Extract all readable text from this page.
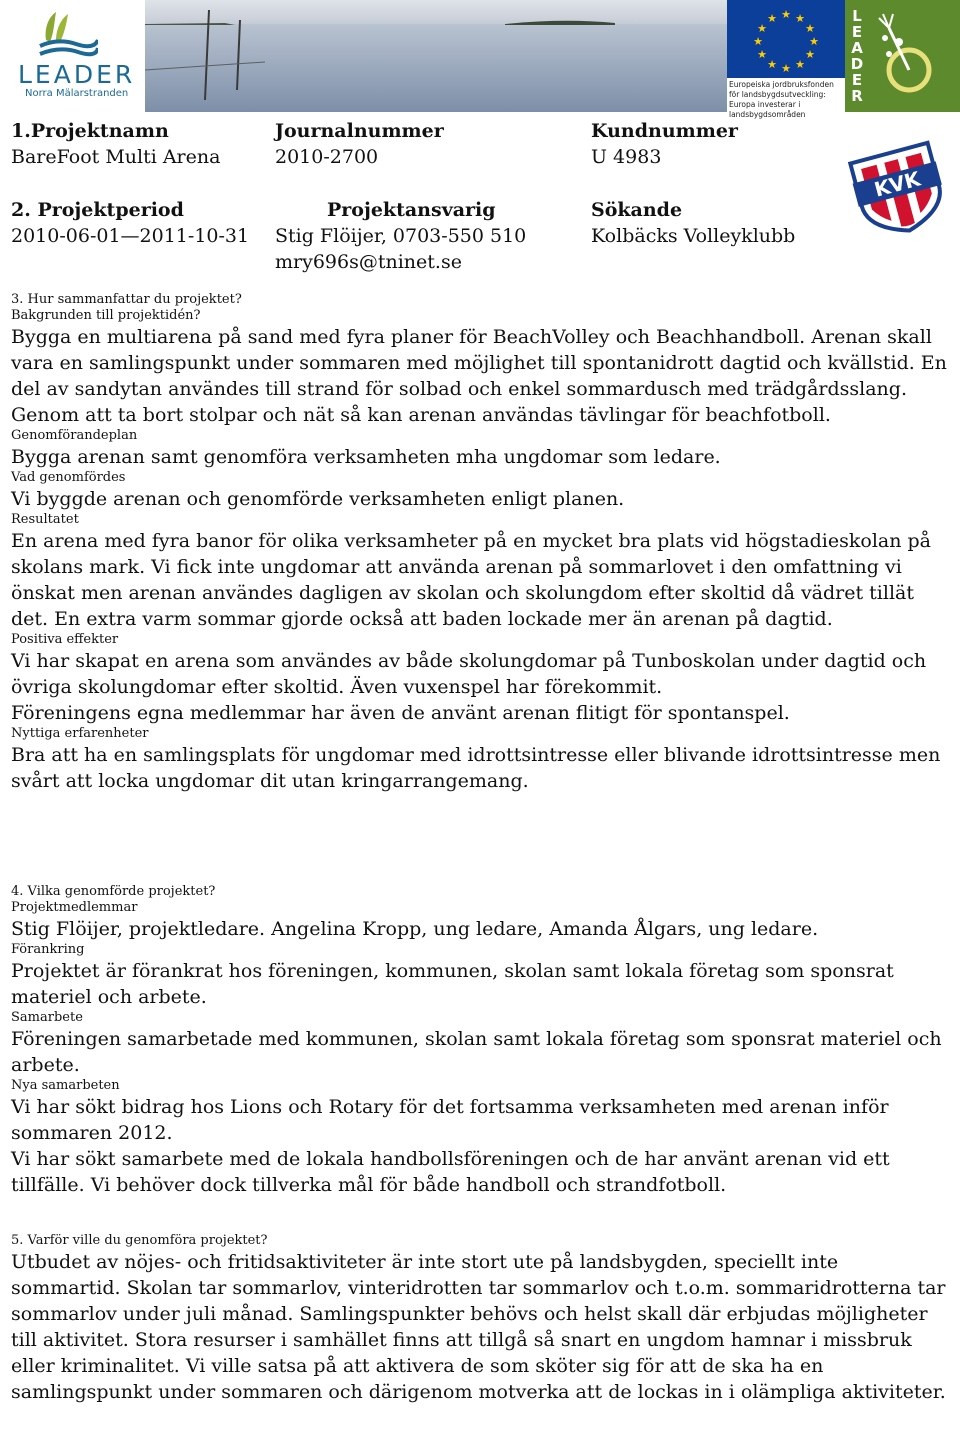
LEADER
Norra Mälarstranden
★ ★
★
★
★
★
★
★
★
★
★
★
Europeiska jordbruksfonden för landsbygdsutveckling: Europa investerar i landsbygdsområden
L
E
A
D
E
R
KVK
1.Projektnamn
BareFoot Multi Arena
Journalnummer
2010-2700
Kundnummer
U 4983
2. Projektperiod
2010-06-01—2011-10-31
Projektansvarig
Stig Flöijer, 0703-550 510
mry696s@tninet.se
Sökande
Kolbäcks Volleyklubb

3. Hur sammanfattar du projektet?

Bakgrunden till projektidén?

Bygga en multiarena på sand med fyra planer för BeachVolley och Beachhandboll. Arenan skall vara en samlingspunkt under sommaren med möjlighet till spontanidrott dagtid och kvällstid. En del av sandytan användes till strand för solbad och enkel sommardusch med trädgårdsslang. Genom att ta bort stolpar och nät så kan arenan användas tävlingar för beachfotboll.

Genomförandeplan

Bygga arenan samt genomföra verksamheten mha ungdomar som ledare.

Vad genomfördes

Vi byggde arenan och genomförde verksamheten enligt planen.

Resultatet

En arena med fyra banor för olika verksamheter på en mycket bra plats vid högstadieskolan på skolans mark. Vi fick inte ungdomar att använda arenan på sommarlovet i den omfattning vi önskat men arenan användes dagligen av skolan och skolungdom efter skoltid då vädret tillät det. En extra varm sommar gjorde också att baden lockade mer än arenan på dagtid.

Positiva effekter

Vi har skapat en arena som användes av både skolungdomar på Tunboskolan under dagtid och övriga skolungdomar efter skoltid. Även vuxenspel har förekommit.

Föreningens egna medlemmar har även de använt arenan flitigt för spontanspel.

Nyttiga erfarenheter

Bra att ha en samlingsplats för ungdomar med idrottsintresse eller blivande idrottsintresse men svårt att locka ungdomar dit utan kringarrangemang.

4. Vilka genomförde projektet?

Projektmedlemmar

Stig Flöijer, projektledare. Angelina Kropp, ung ledare, Amanda Ålgars, ung ledare.

Förankring

Projektet är förankrat hos föreningen, kommunen, skolan samt lokala företag som sponsrat materiel och arbete.

Samarbete

Föreningen samarbetade med kommunen, skolan samt lokala företag som sponsrat materiel och arbete.

Nya samarbeten

Vi har sökt bidrag hos Lions och Rotary för det fortsamma verksamheten med arenan inför sommaren 2012.

Vi har sökt samarbete med de lokala handbollsföreningen och de har använt arenan vid ett tillfälle. Vi behöver dock tillverka mål för både handboll och strandfotboll.

5. Varför ville du genomföra projektet?

Utbudet av nöjes- och fritidsaktiviteter är inte stort ute på landsbygden, speciellt inte sommartid. Skolan tar sommarlov, vinteridrotten tar sommarlov och t.o.m. sommaridrotterna tar sommarlov under juli månad. Samlingspunkter behövs och helst skall där erbjudas möjligheter till aktivitet. Stora resurser i samhället finns att tillgå så snart en ungdom hamnar i missbruk eller kriminalitet. Vi ville satsa på att aktivera de som sköter sig för att de ska ha en samlingspunkt under sommaren och därigenom motverka att de lockas in i olämpliga aktiviteter.
